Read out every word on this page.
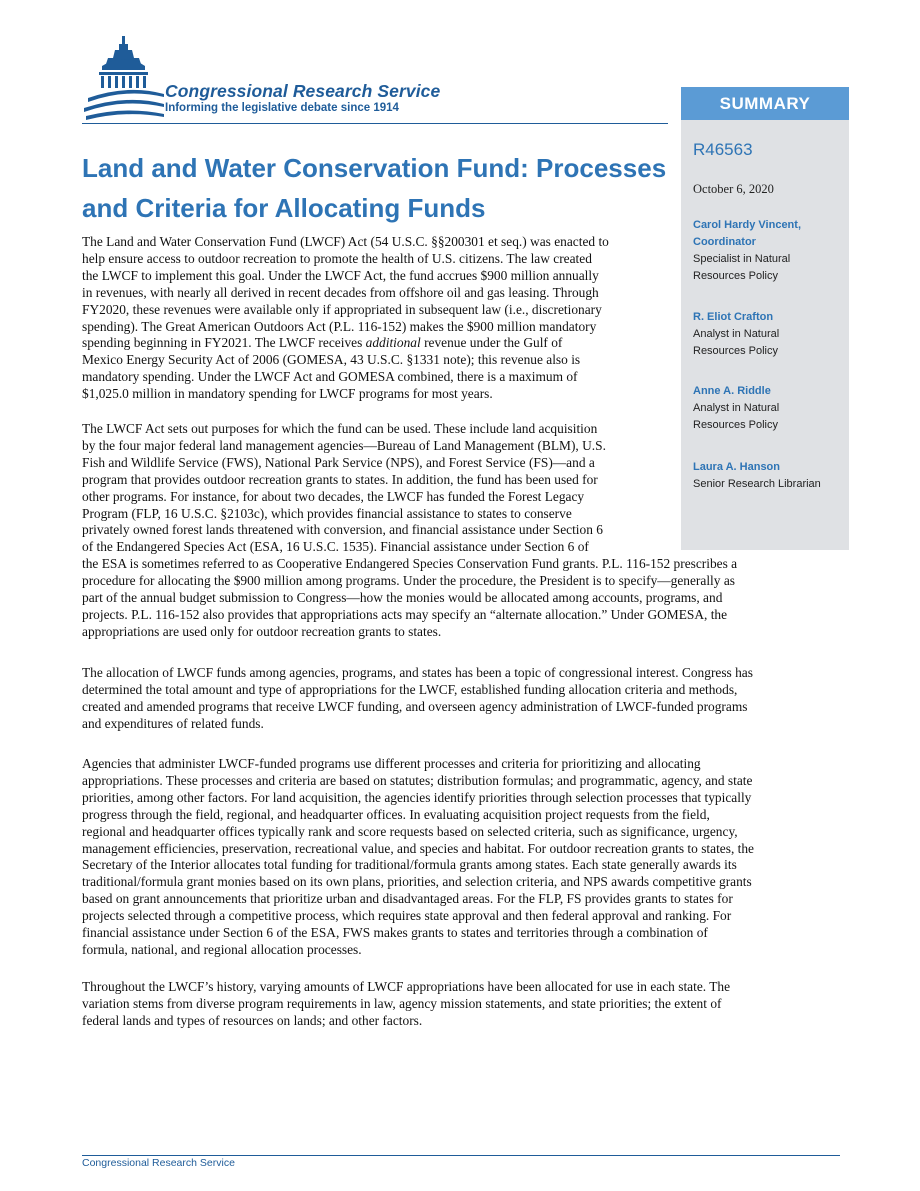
Congressional Research Service
Informing the legislative debate since 1914	SUMMARY
R46563
October 6, 2020
Carol Hardy Vincent,
Coordinator
Specialist in Natural
Resources Policy
R. Eliot Crafton
Analyst in Natural
Resources Policy
Anne A. Riddle
Analyst in Natural
Resources Policy
Laura A. Hanson
Senior Research Librarian
Land and Water Conservation Fund: Processes
and Criteria for Allocating Funds
The Land and Water Conservation Fund (LWCF) Act (54 U.S.C. §§200301 et seq.) was enacted to
help ensure access to outdoor recreation to promote the health of U.S. citizens. The law created
the LWCF to implement this goal. Under the LWCF Act, the fund accrues $900 million annually
in revenues, with nearly all derived in recent decades from offshore oil and gas leasing. Through
FY2020, these revenues were available only if appropriated in subsequent law (i.e., discretionary
spending). The Great American Outdoors Act (P.L. 116-152) makes the $900 million mandatory
spending beginning in FY2021. The LWCF receives additional revenue under the Gulf of
Mexico Energy Security Act of 2006 (GOMESA, 43 U.S.C. §1331 note); this revenue also is
mandatory spending. Under the LWCF Act and GOMESA combined, there is a maximum of
$1,025.0 million in mandatory spending for LWCF programs for most years.
The LWCF Act sets out purposes for which the fund can be used. These include land acquisition
by the four major federal land management agencies—Bureau of Land Management (BLM), U.S.
Fish and Wildlife Service (FWS), National Park Service (NPS), and Forest Service (FS)—and a
program that provides outdoor recreation grants to states. In addition, the fund has been used for
other programs. For instance, for about two decades, the LWCF has funded the Forest Legacy
Program (FLP, 16 U.S.C. §2103c), which provides financial assistance to states to conserve
privately owned forest lands threatened with conversion, and financial assistance under Section 6
of the Endangered Species Act (ESA, 16 U.S.C. 1535). Financial assistance under Section 6 of
the ESA is sometimes referred to as Cooperative Endangered Species Conservation Fund grants. P.L. 116-152 prescribes a
procedure for allocating the $900 million among programs. Under the procedure, the President is to specify—generally as
part of the annual budget submission to Congress—how the monies would be allocated among accounts, programs, and
projects. P.L. 116-152 also provides that appropriations acts may specify an “alternate allocation.” Under GOMESA, the
appropriations are used only for outdoor recreation grants to states.
The allocation of LWCF funds among agencies, programs, and states has been a topic of congressional interest. Congress has
determined the total amount and type of appropriations for the LWCF, established funding allocation criteria and methods,
created and amended programs that receive LWCF funding, and overseen agency administration of LWCF-funded programs
and expenditures of related funds.
Agencies that administer LWCF-funded programs use different processes and criteria for prioritizing and allocating
appropriations. These processes and criteria are based on statutes; distribution formulas; and programmatic, agency, and state
priorities, among other factors. For land acquisition, the agencies identify priorities through selection processes that typically
progress through the field, regional, and headquarter offices. In evaluating acquisition project requests from the field,
regional and headquarter offices typically rank and score requests based on selected criteria, such as significance, urgency,
management efficiencies, preservation, recreational value, and species and habitat. For outdoor recreation grants to states, the
Secretary of the Interior allocates total funding for traditional/formula grants among states. Each state generally awards its
traditional/formula grant monies based on its own plans, priorities, and selection criteria, and NPS awards competitive grants
based on grant announcements that prioritize urban and disadvantaged areas. For the FLP, FS provides grants to states for
projects selected through a competitive process, which requires state approval and then federal approval and ranking. For
financial assistance under Section 6 of the ESA, FWS makes grants to states and territories through a combination of
formula, national, and regional allocation processes.
Throughout the LWCF’s history, varying amounts of LWCF appropriations have been allocated for use in each state. The
variation stems from diverse program requirements in law, agency mission statements, and state priorities; the extent of
federal lands and types of resources on lands; and other factors.
Congressional Research Service
